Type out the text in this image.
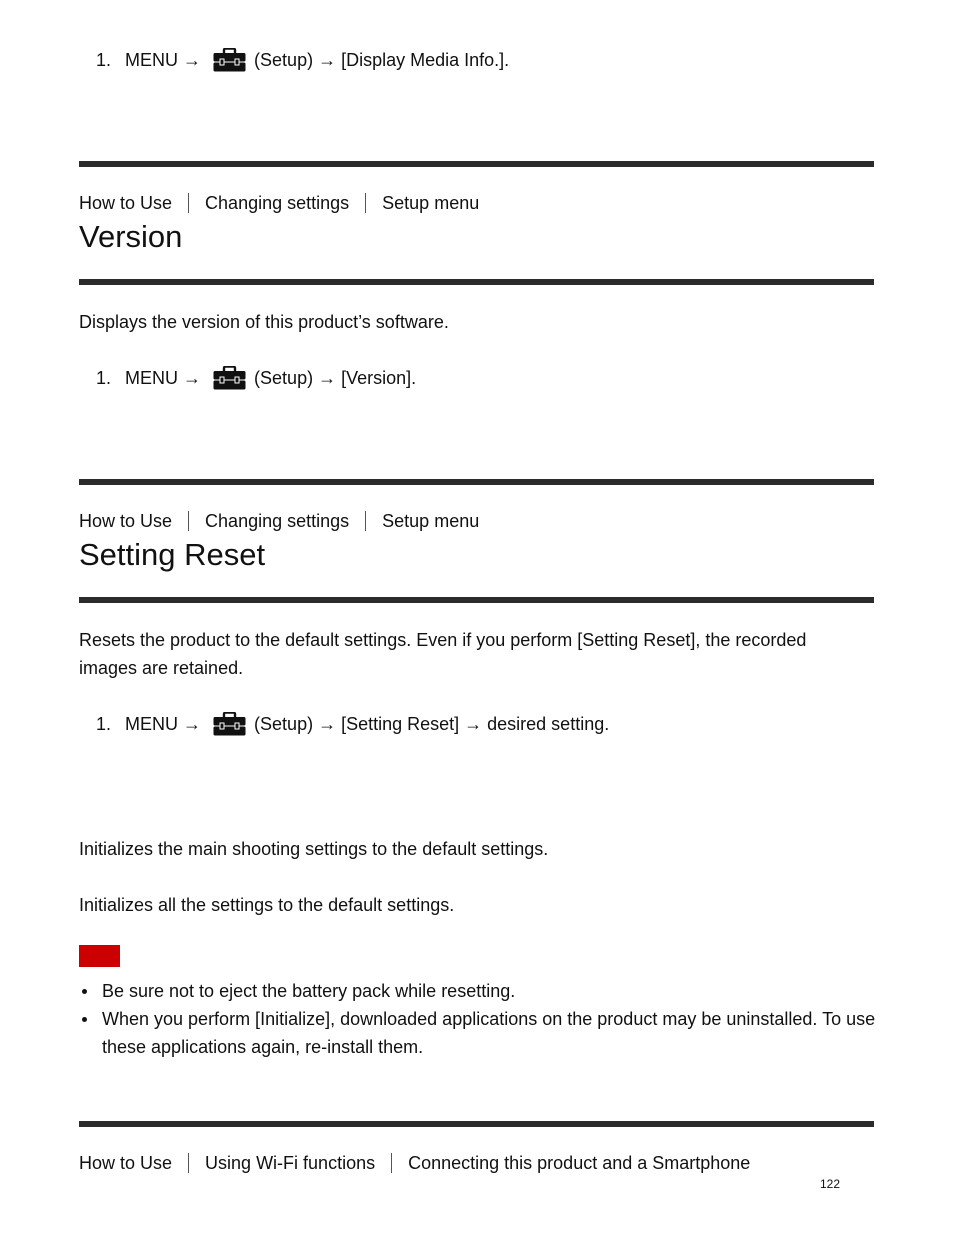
1. MENU →	(Setup) → [Display Media Info.].
How to Use Changing settings Setup menu
Version
Displays the version of this product’s software.
1. MENU →	(Setup) → [Version].
How to Use Changing settings Setup menu
Setting Reset
Resets the product to the default settings. Even if you perform [Setting Reset], the recorded
images are retained.
1. MENU →	(Setup) → [Setting Reset] → desired setting.
Initializes the main shooting settings to the default settings.
Initializes all the settings to the default settings.
Be sure not to eject the battery pack while resetting.
When you perform [Initialize], downloaded applications on the product may be uninstalled. To use these applications again, re-install them.
How to Use Using Wi-Fi functions Connecting this product and a Smartphone
122
